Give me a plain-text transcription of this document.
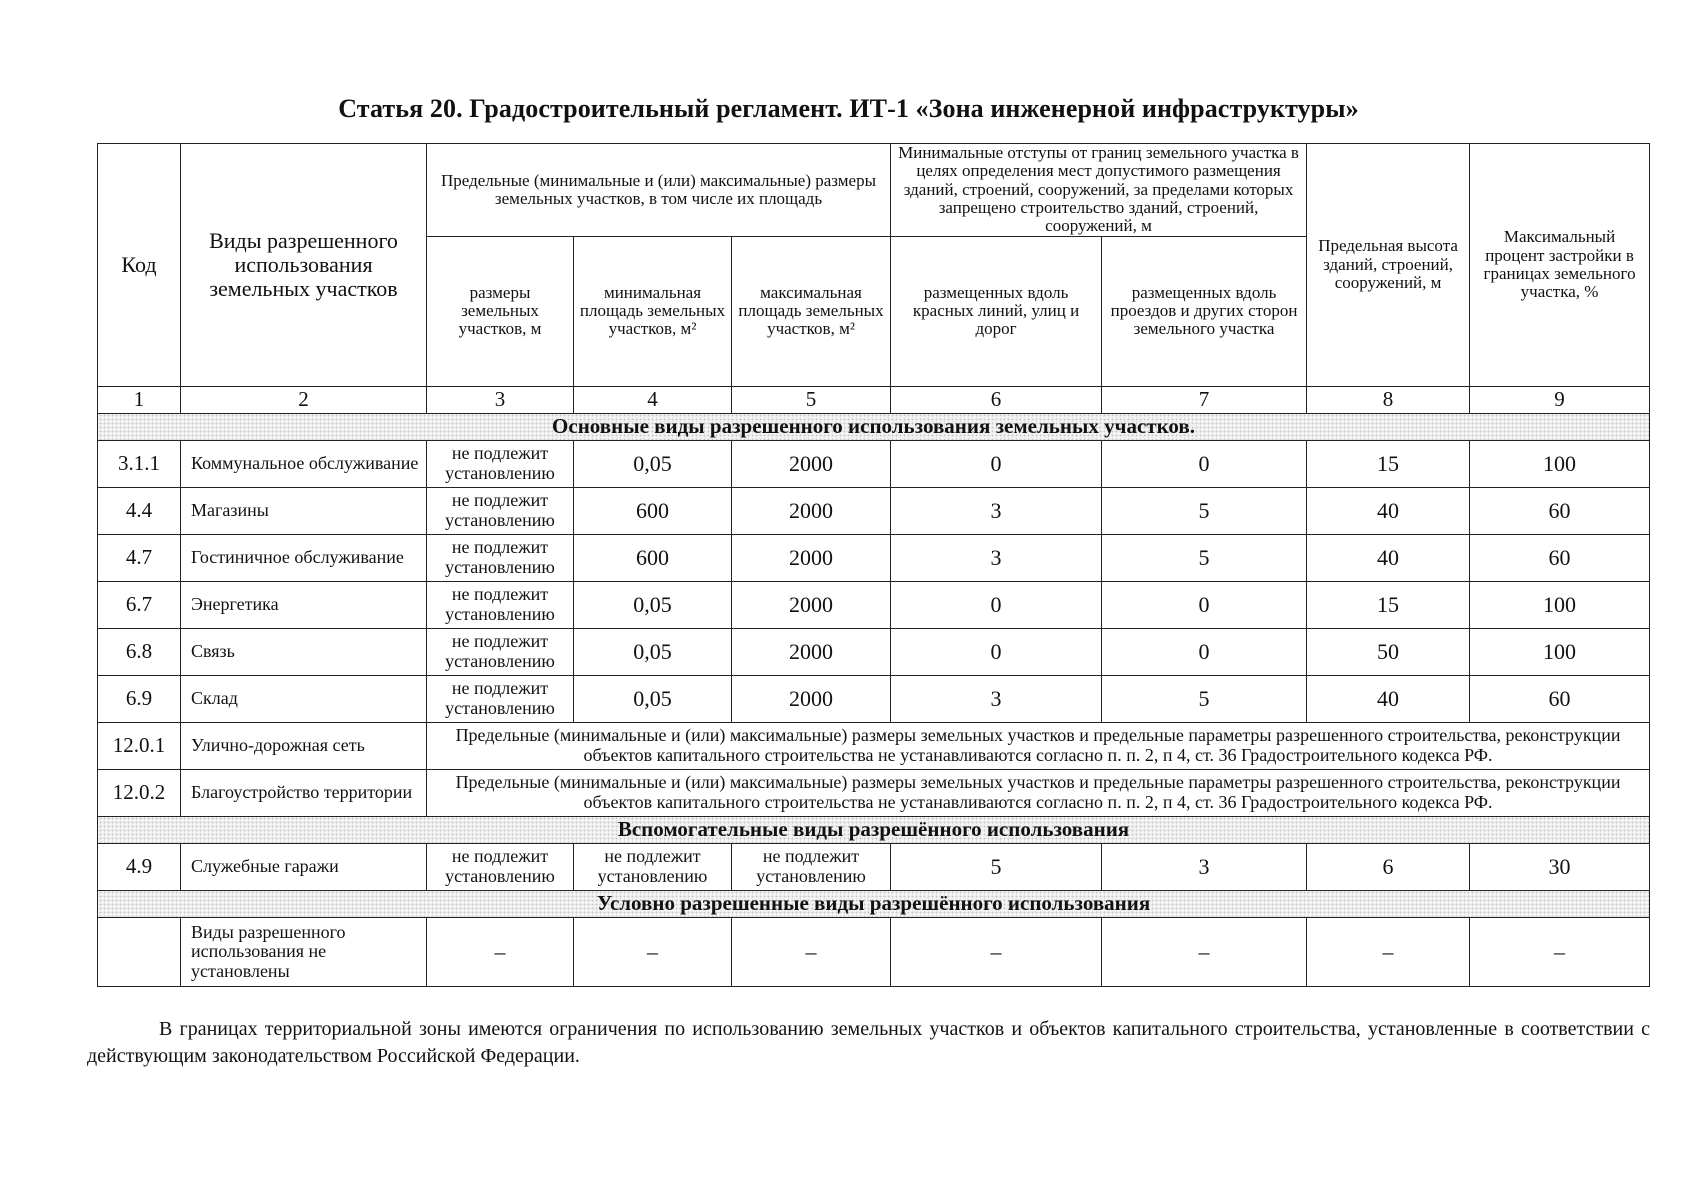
Статья 20. Градостроительный регламент. ИТ-1 «Зона инженерной инфраструктуры»
Код	Виды разрешенного использования земельных участков	Предельные (минимальные и (или) максимальные) размеры земельных участков, в том числе их площадь			Минимальные отступы от границ земельного участка в целях определения мест допустимого размещения зданий, строений, сооружений, за пределами которых запрещено строительство зданий, строений, сооружений, м		Предельная высота зданий, строений, сооружений, м	Максимальный процент застройки в границах земельного участка, %
		размеры земельных участков, м	минимальная площадь земельных участков, м²	максимальная площадь земельных участков, м²	размещенных вдоль красных линий, улиц и дорог	размещенных вдоль проездов и других сторон земельного участка		
1	2	3	4	5	6	7	8	9
Основные виды разрешенного использования земельных участков.								
3.1.1	Коммунальное обслуживание	не подлежит установлению	0,05	2000	0	0	15	100
4.4	Магазины	не подлежит установлению	600	2000	3	5	40	60
4.7	Гостиничное обслуживание	не подлежит установлению	600	2000	3	5	40	60
6.7	Энергетика	не подлежит установлению	0,05	2000	0	0	15	100
6.8	Связь	не подлежит установлению	0,05	2000	0	0	50	100
6.9	Склад	не подлежит установлению	0,05	2000	3	5	40	60
12.0.1	Улично-дорожная сеть	Предельные (минимальные и (или) максимальные) размеры земельных участков и предельные параметры разрешенного строительства, реконструкции объектов капитального строительства не устанавливаются согласно п. п. 2, п 4, ст. 36 Градостроительного кодекса РФ.						
12.0.2	Благоустройство территории	Предельные (минимальные и (или) максимальные) размеры земельных участков и предельные параметры разрешенного строительства, реконструкции объектов капитального строительства не устанавливаются согласно п. п. 2, п 4, ст. 36 Градостроительного кодекса РФ.						
Вспомогательные виды разрешённого использования								
4.9	Служебные гаражи	не подлежит установлению	не подлежит установлению	не подлежит установлению	5	3	6	30
Условно разрешенные виды разрешённого использования								
	Виды разрешенного использования не установлены	–	–	–	–	–	–	–

В границах территориальной зоны имеются ограничения по использованию земельных участков и объектов капитального строительства, установленные в соответствии с действующим законодательством Российской Федерации.
